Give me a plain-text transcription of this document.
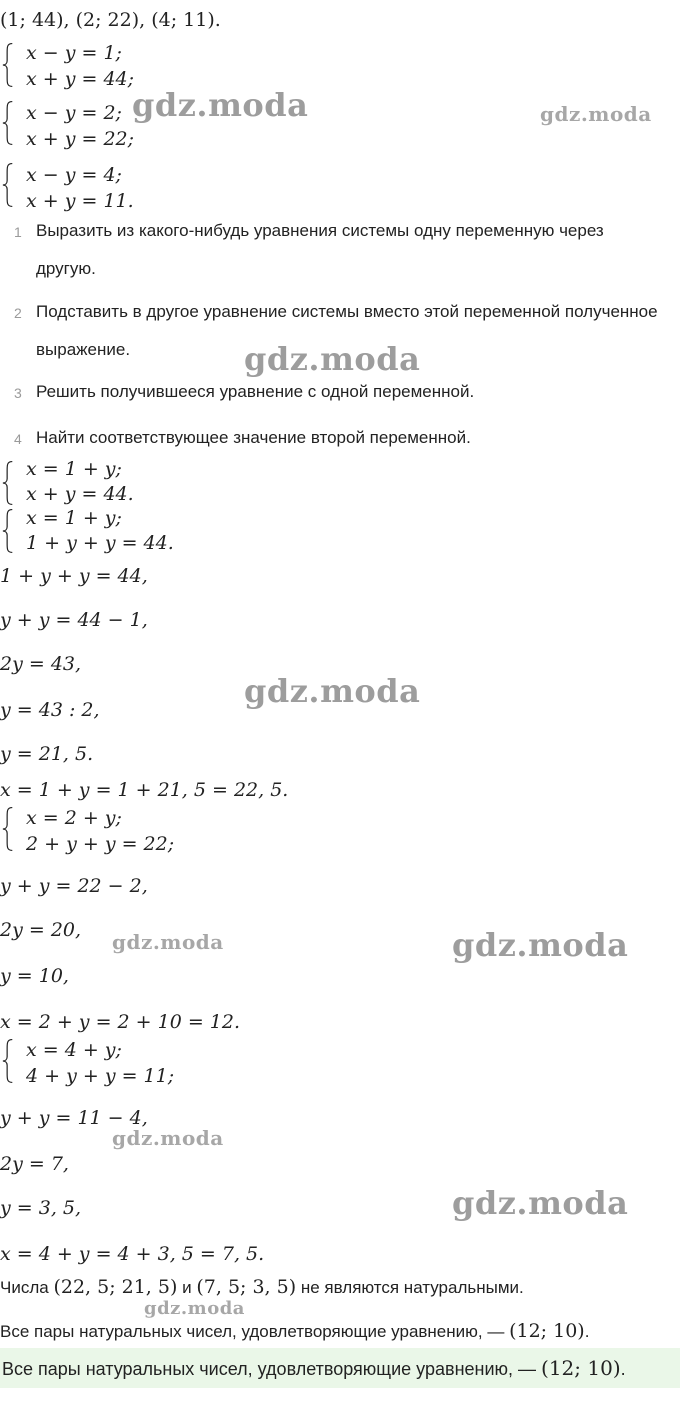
(1; 44), (2; 22), (4; 11).
x − y = 1;
x + y = 44;
x − y = 2;
x + y = 22;
x − y = 4;
x + y = 11.
1 Выразить из какого-нибудь уравнения системы одну переменную через другую.
2 Подставить в другое уравнение системы вместо этой переменной полученное выражение.
3 Решить получившееся уравнение с одной переменной.
4 Найти соответствующее значение второй переменной.
x = 1 + y;
x + y = 44.
x = 1 + y;
1 + y + y = 44.
1 + y + y = 44,
y + y = 44 − 1,
2y = 43,
y = 43 : 2,
y = 21, 5.
x = 1 + y = 1 + 21, 5 = 22, 5.
x = 2 + y;
2 + y + y = 22;
y + y = 22 − 2,
2y = 20,
y = 10,
x = 2 + y = 2 + 10 = 12.
x = 4 + y;
4 + y + y = 11;
y + y = 11 − 4,
2y = 7,
y = 3, 5,
x = 4 + y = 4 + 3, 5 = 7, 5.
Числа (22, 5; 21, 5) и (7, 5; 3, 5) не являются натуральными.
Все пары натуральных чисел, удовлетворяющие уравнению, — (12; 10).
Все пары натуральных чисел, удовлетворяющие уравнению, — (12; 10).
gdz.moda	gdz.moda
gdz.moda
gdz.moda
gdz.moda	gdz.moda
gdz.moda
gdz.moda
gdz.moda
